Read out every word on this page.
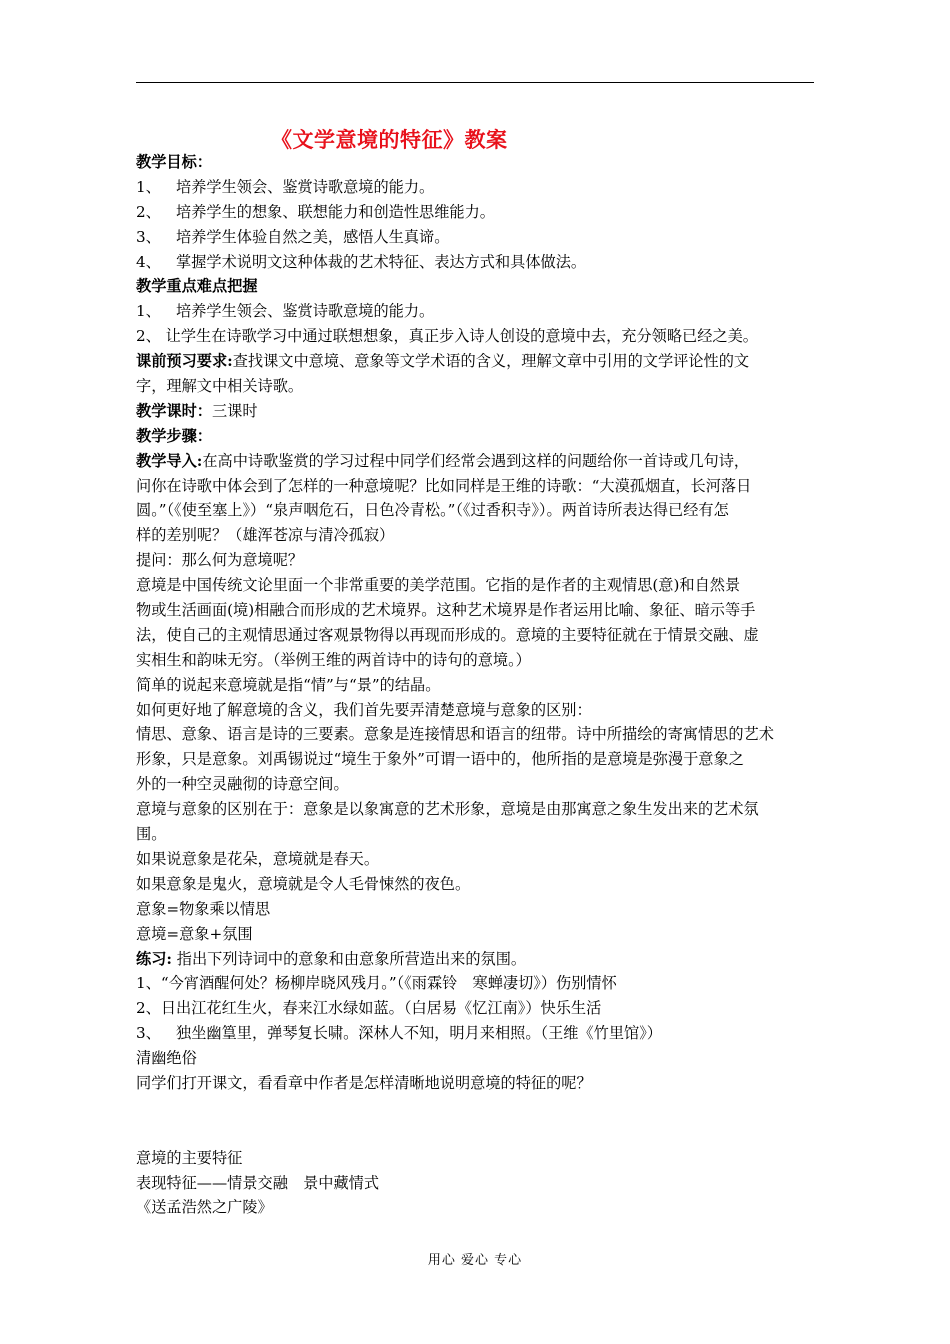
《文学意境的特征》教案
教学目标：
1、 培养学生领会、鉴赏诗歌意境的能力。
2、 培养学生的想象、联想能力和创造性思维能力。
3、 培养学生体验自然之美，感悟人生真谛。
4、 掌握学术说明文这种体裁的艺术特征、表达方式和具体做法。
教学重点难点把握
1、 培养学生领会、鉴赏诗歌意境的能力。
2、 让学生在诗歌学习中通过联想想象，真正步入诗人创设的意境中去，充分领略已经之美。
课前预习要求:查找课文中意境、意象等文学术语的含义，理解文章中引用的文学评论性的文
字，理解文中相关诗歌。
教学课时：三课时
教学步骤：
教学导入:在高中诗歌鉴赏的学习过程中同学们经常会遇到这样的问题给你一首诗或几句诗，
问你在诗歌中体会到了怎样的一种意境呢？比如同样是王维的诗歌：“大漠孤烟直，长河落日
圆。”（《使至塞上》）“泉声咽危石，日色冷青松。”（《过香积寺》）。两首诗所表达得已经有怎
样的差别呢？（雄浑苍凉与清冷孤寂）
提问：那么何为意境呢？
意境是中国传统文论里面一个非常重要的美学范围。它指的是作者的主观情思(意)和自然景
物或生活画面(境)相融合而形成的艺术境界。这种艺术境界是作者运用比喻、象征、暗示等手
法，使自己的主观情思通过客观景物得以再现而形成的。意境的主要特征就在于情景交融、虚
实相生和韵味无穷。（举例王维的两首诗中的诗句的意境。）
简单的说起来意境就是指“情”与“景”的结晶。
如何更好地了解意境的含义，我们首先要弄清楚意境与意象的区别：
情思、意象、语言是诗的三要素。意象是连接情思和语言的纽带。诗中所描绘的寄寓情思的艺术
形象，只是意象。刘禹锡说过“境生于象外”可谓一语中的，他所指的是意境是弥漫于意象之
外的一种空灵融彻的诗意空间。
意境与意象的区别在于：意象是以象寓意的艺术形象，意境是由那寓意之象生发出来的艺术氛
围。
如果说意象是花朵，意境就是春天。
如果意象是鬼火，意境就是令人毛骨悚然的夜色。
意象=物象乘以情思
意境=意象+氛围
练习: 指出下列诗词中的意象和由意象所营造出来的氛围。
1、“今宵酒醒何处？杨柳岸晓风残月。”（《雨霖铃　寒蝉凄切》）伤别情怀
2、日出江花红生火，春来江水绿如蓝。（白居易《忆江南》）快乐生活
3、 独坐幽篁里，弹琴复长啸。深林人不知，明月来相照。（王维《竹里馆》）
清幽绝俗
同学们打开课文，看看章中作者是怎样清晰地说明意境的特征的呢？
意境的主要特征
表现特征——情景交融　景中藏情式
《送孟浩然之广陵》
用心 爱心 专心
